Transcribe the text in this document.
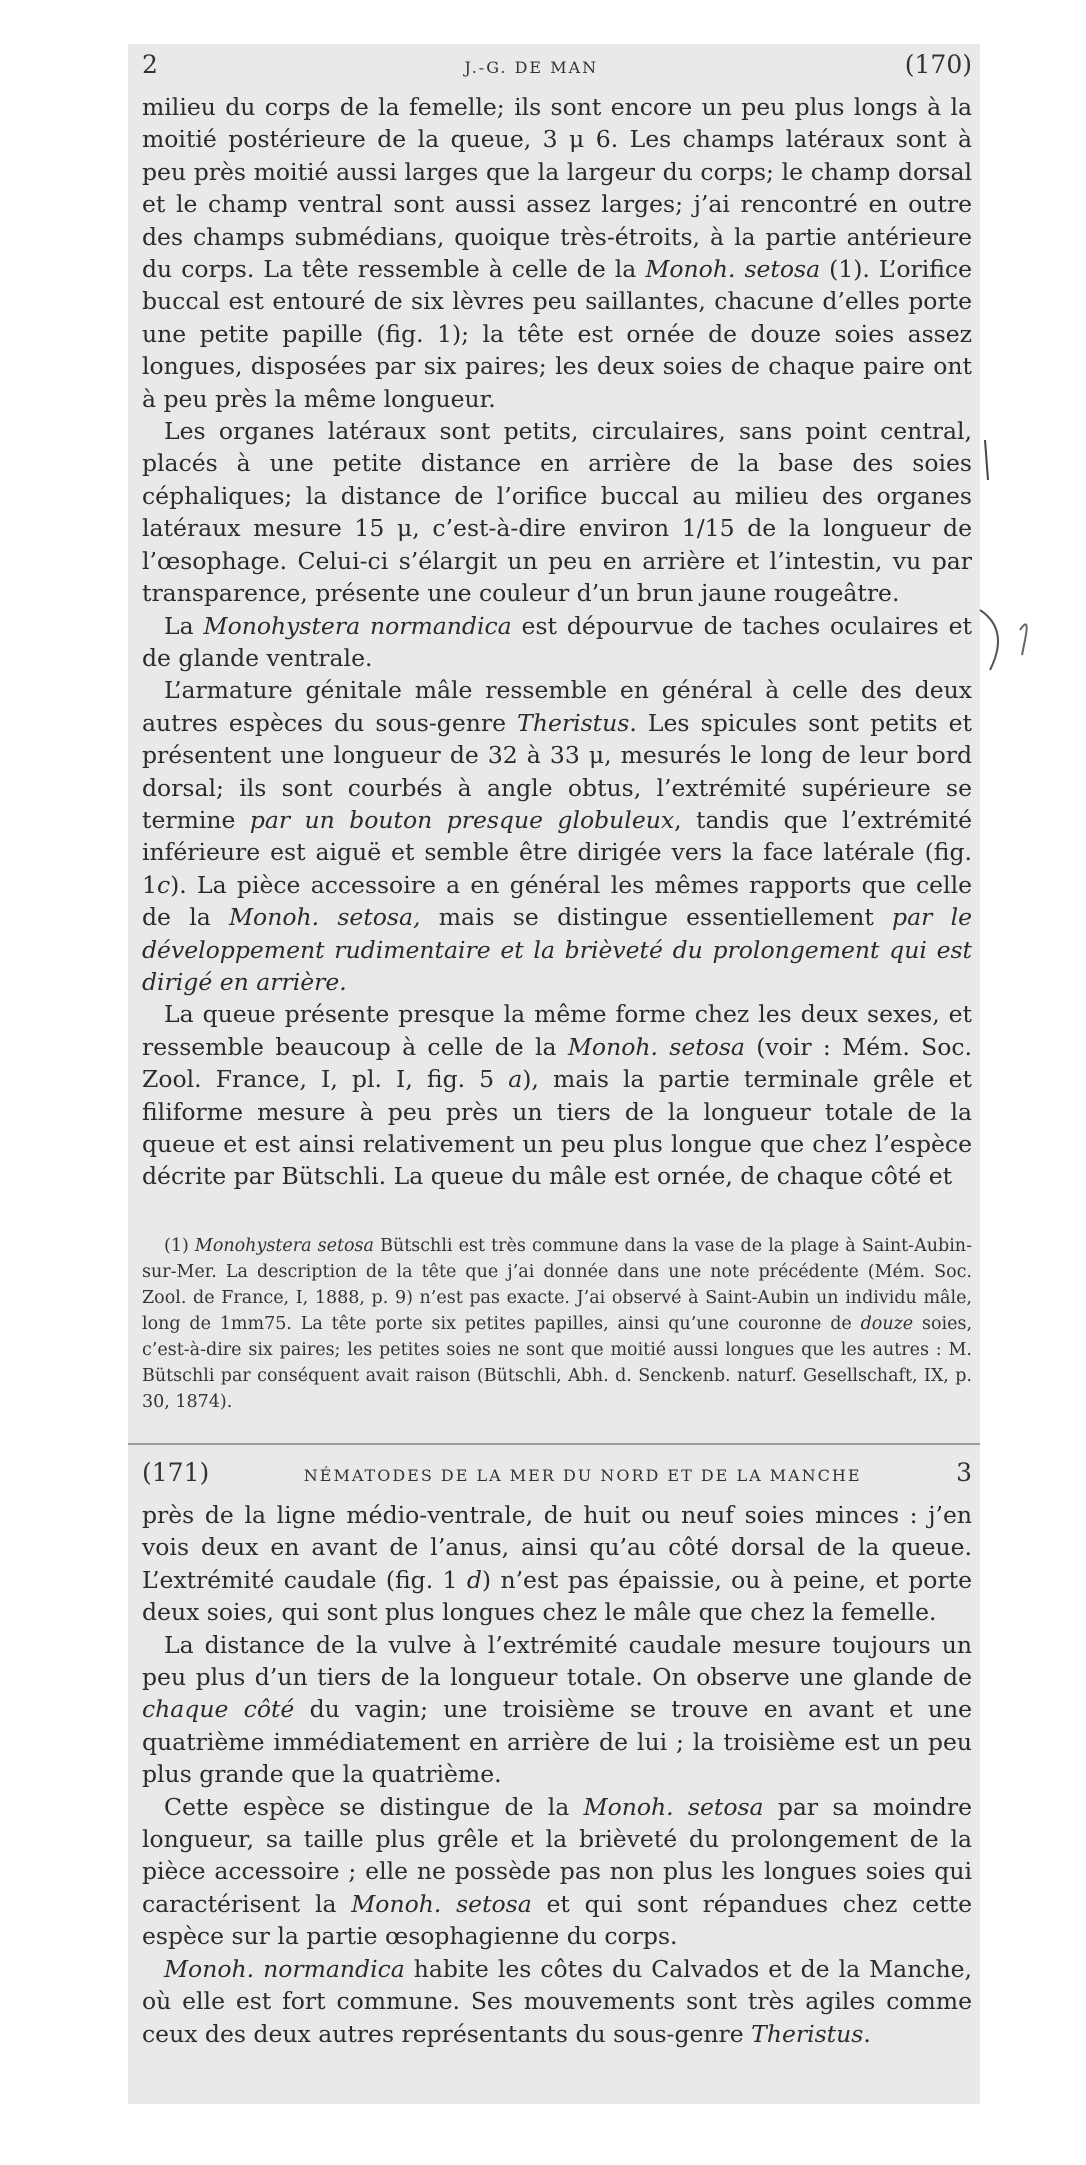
2	J.-G. DE MAN	(170)

milieu du corps de la femelle; ils sont encore un peu plus longs à la moitié postérieure de la queue, 3 μ 6. Les champs latéraux sont à peu près moitié aussi larges que la largeur du corps; le champ dorsal et le champ ventral sont aussi assez larges; j’ai rencontré en outre des champs submédians, quoique très-étroits, à la partie antérieure du corps. La tête ressemble à celle de la Monoh. setosa (1). L’orifice buccal est entouré de six lèvres peu saillantes, chacune d’elles porte une petite papille (fig. 1); la tête est ornée de douze soies assez longues, disposées par six paires; les deux soies de chaque paire ont à peu près la même longueur.

Les organes latéraux sont petits, circulaires, sans point central, placés à une petite distance en arrière de la base des soies céphaliques; la distance de l’orifice buccal au milieu des organes latéraux mesure 15 μ, c’est-à-dire environ 1/15 de la longueur de l’œsophage. Celui-ci s’élargit un peu en arrière et l’intestin, vu par transparence, présente une couleur d’un brun jaune rougeâtre.

La Monohystera normandica est dépourvue de taches oculaires et de glande ventrale.

L’armature génitale mâle ressemble en général à celle des deux autres espèces du sous-genre Theristus. Les spicules sont petits et présentent une longueur de 32 à 33 μ, mesurés le long de leur bord dorsal; ils sont courbés à angle obtus, l’extrémité supérieure se termine par un bouton presque globuleux, tandis que l’extrémité inférieure est aiguë et semble être dirigée vers la face latérale (fig. 1c). La pièce accessoire a en général les mêmes rapports que celle de la Monoh. setosa, mais se distingue essentiellement par le développement rudimentaire et la brièveté du prolongement qui est dirigé en arrière.

La queue présente presque la même forme chez les deux sexes, et ressemble beaucoup à celle de la Monoh. setosa (voir : Mém. Soc. Zool. France, I, pl. I, fig. 5 a), mais la partie terminale grêle et filiforme mesure à peu près un tiers de la longueur totale de la queue et est ainsi relativement un peu plus longue que chez l’espèce décrite par Bütschli. La queue du mâle est ornée, de chaque côté et

(1) Monohystera setosa Bütschli est très commune dans la vase de la plage à Saint-Aubin-sur-Mer. La description de la tête que j’ai donnée dans une note précédente (Mém. Soc. Zool. de France, I, 1888, p. 9) n’est pas exacte. J’ai observé à Saint-Aubin un individu mâle, long de 1mm75. La tête porte six petites papilles, ainsi qu’une couronne de douze soies, c’est-à-dire six paires; les petites soies ne sont que moitié aussi longues que les autres : M. Bütschli par conséquent avait raison (Bütschli, Abh. d. Senckenb. naturf. Gesellschaft, IX, p. 30, 1874).

(171)	NÉMATODES DE LA MER DU NORD ET DE LA MANCHE	3

près de la ligne médio-ventrale, de huit ou neuf soies minces : j’en vois deux en avant de l’anus, ainsi qu’au côté dorsal de la queue. L’extrémité caudale (fig. 1 d) n’est pas épaissie, ou à peine, et porte deux soies, qui sont plus longues chez le mâle que chez la femelle.

La distance de la vulve à l’extrémité caudale mesure toujours un peu plus d’un tiers de la longueur totale. On observe une glande de chaque côté du vagin; une troisième se trouve en avant et une quatrième immédiatement en arrière de lui ; la troisième est un peu plus grande que la quatrième.

Cette espèce se distingue de la Monoh. setosa par sa moindre longueur, sa taille plus grêle et la brièveté du prolongement de la pièce accessoire ; elle ne possède pas non plus les longues soies qui caractérisent la Monoh. setosa et qui sont répandues chez cette espèce sur la partie œsophagienne du corps.

Monoh. normandica habite les côtes du Calvados et de la Manche, où elle est fort commune. Ses mouvements sont très agiles comme ceux des deux autres représentants du sous-genre Theristus.
